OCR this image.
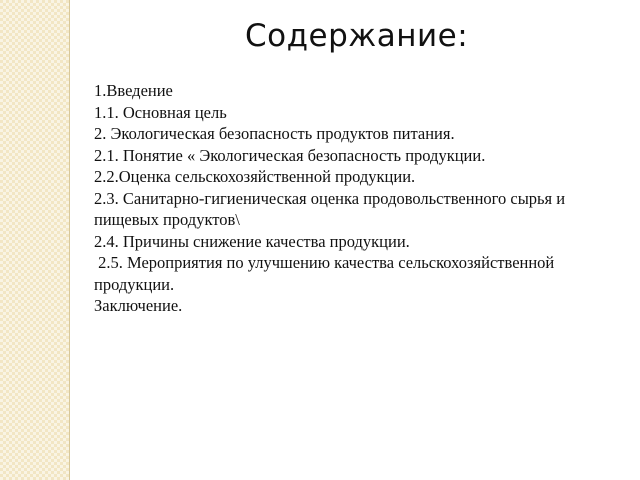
Содержание:
1.Введение
1.1. Основная цель
2. Экологическая безопасность продуктов питания.
2.1. Понятие « Экологическая безопасность продукции.
2.2.Оценка сельскохозяйственной продукции.
2.3. Санитарно-гигиеническая оценка продовольственного сырья и пищевых продуктов\
2.4. Причины снижение качества продукции.
2.5. Мероприятия по улучшению качества сельскохозяйственной продукции.
Заключение.
